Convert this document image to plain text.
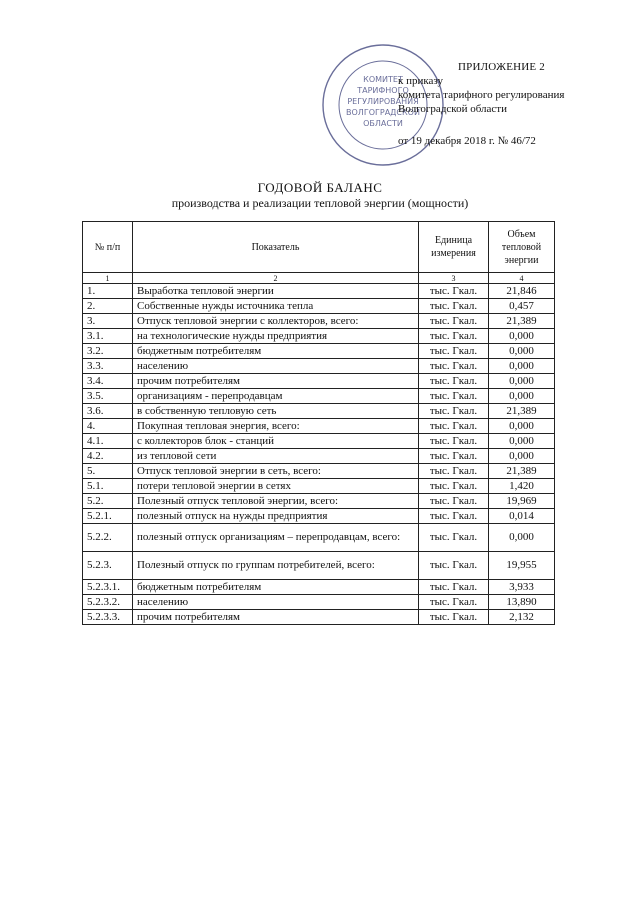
КОМИТЕТ
ТАРИФНОГО
РЕГУЛИРОВАНИЯ
ВОЛГОГРАДСКОЙ
ОБЛАСТИ
ПРИЛОЖЕНИЕ 2
к приказу
комитета тарифного регулирования
Волгоградской области
от 19 декабря 2018 г. № 46/72
ГОДОВОЙ БАЛАНС
производства и реализации тепловой энергии (мощности)
№ п/п	Показатель	Единица измерения	Объем тепловой энергии
1	2	3	4
1.	Выработка тепловой энергии	тыс. Гкал.	21,846
2.	Собственные нужды источника тепла	тыс. Гкал.	0,457
3.	Отпуск тепловой энергии с коллекторов, всего:	тыс. Гкал.	21,389
3.1.	на технологические нужды предприятия	тыс. Гкал.	0,000
3.2.	бюджетным потребителям	тыс. Гкал.	0,000
3.3.	населению	тыс. Гкал.	0,000
3.4.	прочим потребителям	тыс. Гкал.	0,000
3.5.	организациям - перепродавцам	тыс. Гкал.	0,000
3.6.	в собственную тепловую сеть	тыс. Гкал.	21,389
4.	Покупная тепловая энергия, всего:	тыс. Гкал.	0,000
4.1.	с коллекторов блок - станций	тыс. Гкал.	0,000
4.2.	из тепловой сети	тыс. Гкал.	0,000
5.	Отпуск тепловой энергии в сеть, всего:	тыс. Гкал.	21,389
5.1.	потери тепловой энергии в сетях	тыс. Гкал.	1,420
5.2.	Полезный отпуск тепловой энергии, всего:	тыс. Гкал.	19,969
5.2.1.	полезный отпуск на нужды предприятия	тыс. Гкал.	0,014
5.2.2.	полезный отпуск организациям – перепродавцам, всего:	тыс. Гкал.	0,000
5.2.3.	Полезный отпуск по группам потребителей, всего:	тыс. Гкал.	19,955
5.2.3.1.	бюджетным потребителям	тыс. Гкал.	3,933
5.2.3.2.	населению	тыс. Гкал.	13,890
5.2.3.3.	прочим потребителям	тыс. Гкал.	2,132
